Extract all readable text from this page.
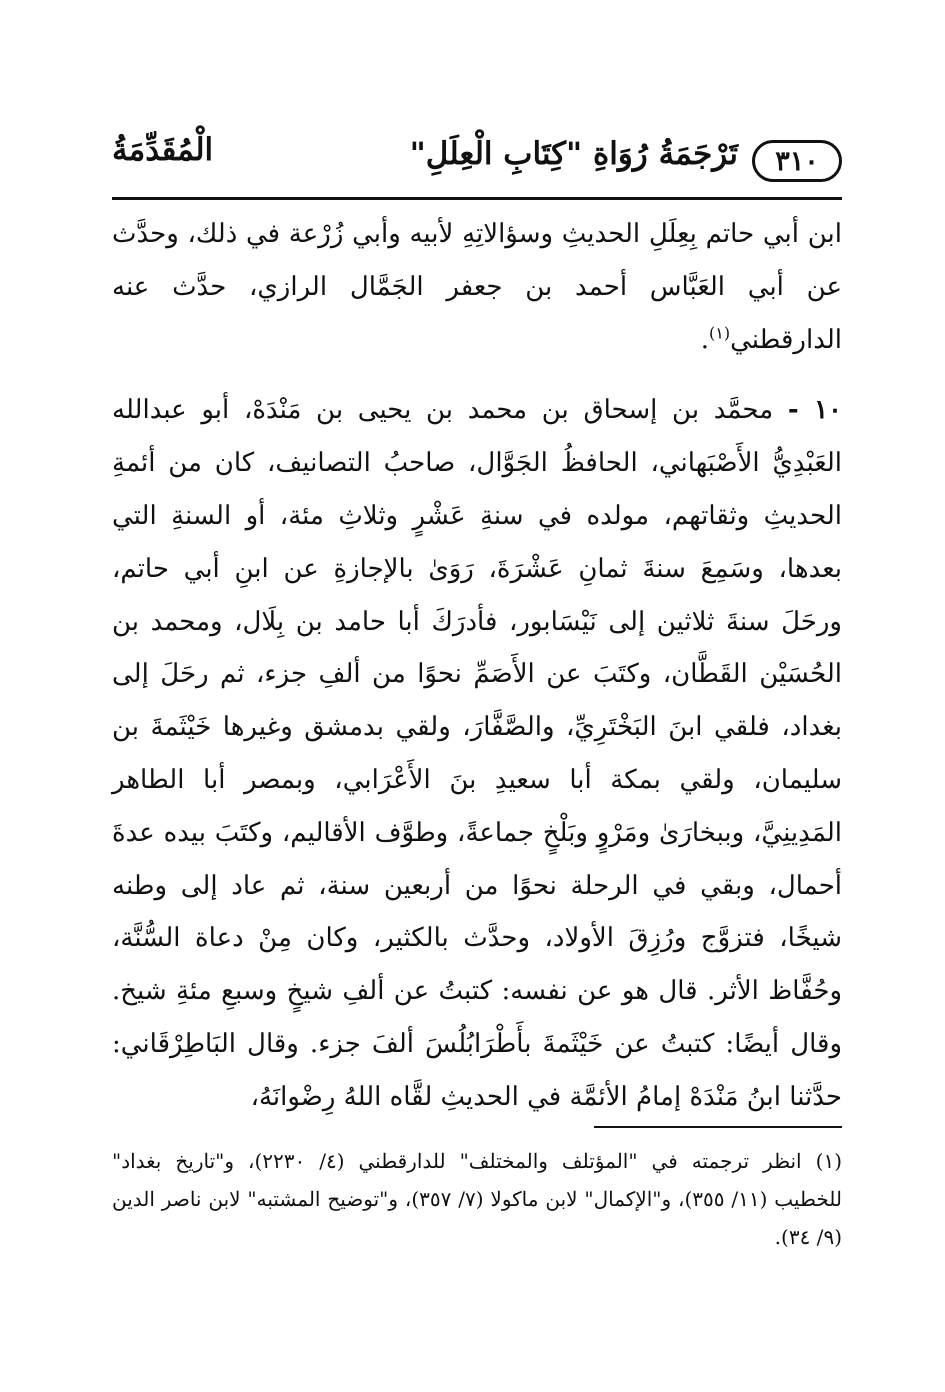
٣١٠
تَرْجَمَةُ رُوَاةِ "كِتَابِ الْعِلَلِ"
الْمُقَدِّمَةُ

ابن أبي حاتم بِعِلَلِ الحديثِ وسؤالاتِهِ لأبيه وأبي زُرْعة في ذلك، وحدَّث عن أبي العَبَّاس أحمد بن جعفر الجَمَّال الرازي، حدَّث عنه الدارقطني$^{(١)}$.

١٠ - محمَّد بن إسحاق بن محمد بن يحيى بن مَنْدَهْ، أبو عبدالله العَبْدِيُّ الأَصْبَهاني، الحافظُ الجَوَّال، صاحبُ التصانيف، كان من أئمةِ الحديثِ وثقاتهم، مولده في سنةِ عَشْرٍ وثلاثِ مئة، أو السنةِ التي بعدها، وسَمِعَ سنةَ ثمانِ عَشْرَةَ، رَوَىٰ بالإجازةِ عن ابنِ أبي حاتم، ورحَلَ سنةَ ثلاثين إلى نَيْسَابور، فأدرَكَ أبا حامد بن بِلَال، ومحمد بن الحُسَيْن القَطَّان، وكتَبَ عن الأَصَمِّ نحوًا من ألفِ جزء، ثم رحَلَ إلى بغداد، فلقي ابنَ البَخْتَرِيِّ، والصَّفَّارَ، ولقي بدمشق وغيرها خَيْثَمةَ بن سليمان، ولقي بمكة أبا سعيدِ بنَ الأَعْرَابي، وبمصر أبا الطاهر المَدِينِيَّ، وببخارَىٰ ومَرْوٍ وبَلْخٍ جماعةً، وطوَّف الأقاليم، وكتَبَ بيده عدةَ أحمال، وبقي في الرحلة نحوًا من أربعين سنة، ثم عاد إلى وطنه شيخًا، فتزوَّج ورُزِقَ الأولاد، وحدَّث بالكثير، وكان مِنْ دعاة السُّنَّة، وحُفَّاظ الأثر. قال هو عن نفسه: كتبتُ عن ألفِ شيخٍ وسبعِ مئةِ شيخ. وقال أيضًا: كتبتُ عن خَيْثَمةَ بأَطْرَابُلُسَ ألفَ جزء. وقال البَاطِرْقَاني: حدَّثنا ابنُ مَنْدَهْ إمامُ الأئمَّة في الحديثِ لقَّاه اللهُ رِضْوانَهُ،

(١)انظر ترجمته في "المؤتلف والمختلف" للدارقطني (٤/ ٢٢٣٠)، و"تاريخ بغداد" للخطيب (١١/ ٣٥٥)، و"الإكمال" لابن ماكولا (٧/ ٣٥٧)، و"توضيح المشتبه" لابن ناصر الدين (٩/ ٣٤).
